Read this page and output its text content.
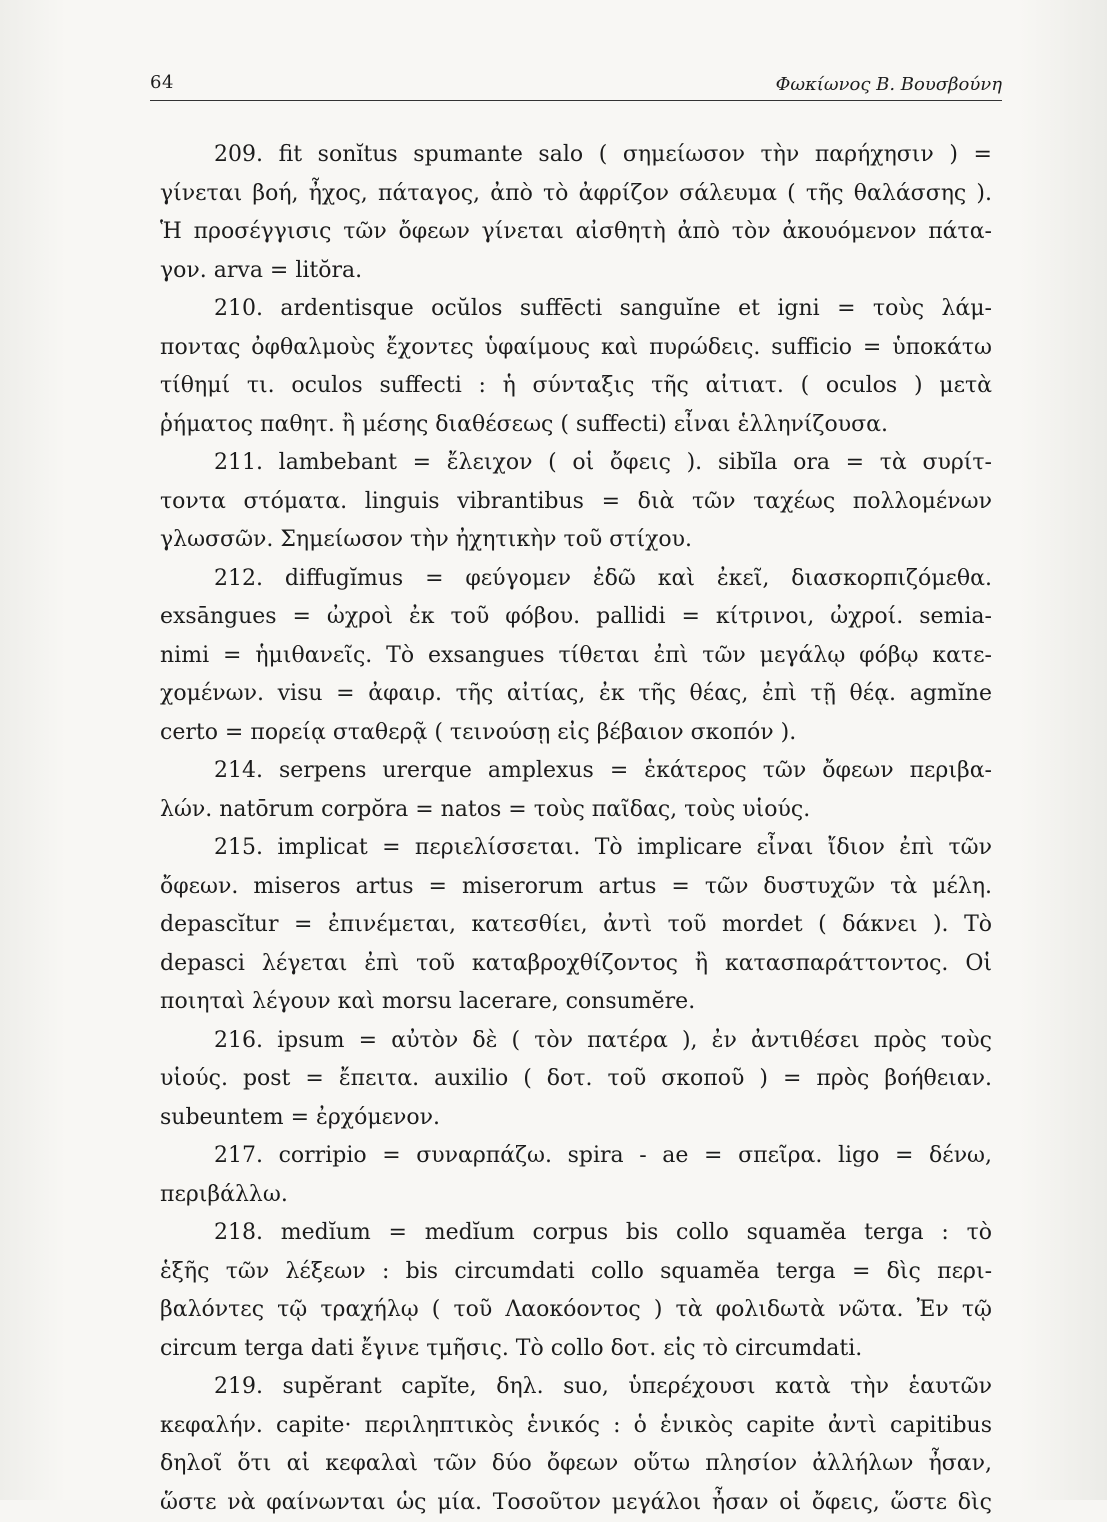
64	Φωκίωνος Β. Βουσβούνη
209. fit sonĭtus spumante salo ( σημείωσον τὴν παρήχησιν ) =
γίνεται βοή, ἦχος, πάταγος, ἀπὸ τὸ ἀφρίζον σάλευμα ( τῆς θαλάσσης ).
Ἡ προσέγγισις τῶν ὄφεων γίνεται αἰσθητὴ ἀπὸ τὸν ἀκουόμενον πάτα-
γον. arva = litŏra.
210. ardentisque ocŭlos suffēcti sanguĭne et igni = τοὺς λάμ-
ποντας ὀφθαλμοὺς ἔχοντες ὑφαίμους καὶ πυρώδεις. sufficio = ὑποκάτω
τίθημί τι. oculos suffecti : ἡ σύνταξις τῆς αἰτιατ. ( oculos ) μετὰ
ῥήματος παθητ. ἢ μέσης διαθέσεως ( suffecti) εἶναι ἑλληνίζουσα.
211. lambebant = ἔλειχον ( οἱ ὄφεις ). sibĭla ora = τὰ συρίτ-
τοντα στόματα. linguis vibrantibus = διὰ τῶν ταχέως πολλομένων
γλωσσῶν. Σημείωσον τὴν ἠχητικὴν τοῦ στίχου.
212. diffugĭmus = φεύγομεν ἐδῶ καὶ ἐκεῖ, διασκορπιζόμεθα.
exsāngues = ὠχροὶ ἐκ τοῦ φόβου. pallidi = κίτρινοι, ὠχροί. semia-
nimi = ἡμιθανεῖς. Τὸ exsangues τίθεται ἐπὶ τῶν μεγάλῳ φόβῳ κατε-
χομένων. visu = ἀφαιρ. τῆς αἰτίας, ἐκ τῆς θέας, ἐπὶ τῇ θέᾳ. agmĭne
certo = πορείᾳ σταθερᾷ ( τεινούσῃ εἰς βέβαιον σκοπόν ).
214. serpens urerque amplexus = ἑκάτερος τῶν ὄφεων περιβα-
λών. natōrum corpŏra = natos = τοὺς παῖδας, τοὺς υἱούς.
215. implicat = περιελίσσεται. Τὸ implicare εἶναι ἴδιον ἐπὶ τῶν
ὄφεων. miseros artus = miserorum artus = τῶν δυστυχῶν τὰ μέλη.
depascĭtur = ἐπινέμεται, κατεσθίει, ἀντὶ τοῦ mordet ( δάκνει ). Τὸ
depasci λέγεται ἐπὶ τοῦ καταβροχθίζοντος ἢ κατασπαράττοντος. Οἱ
ποιηταὶ λέγουν καὶ morsu lacerare, consumĕre.
216. ipsum = αὐτὸν δὲ ( τὸν πατέρα ), ἐν ἀντιθέσει πρὸς τοὺς
υἱούς. post = ἔπειτα. auxilio ( δοτ. τοῦ σκοποῦ ) = πρὸς βοήθειαν.
subeuntem = ἐρχόμενον.
217. corripio = συναρπάζω. spira - ae = σπεῖρα. ligo = δένω,
περιβάλλω.
218. medĭum = medĭum corpus bis collo squamĕa terga : τὸ
ἑξῆς τῶν λέξεων : bis circumdati collo squamĕa terga = δὶς περι-
βαλόντες τῷ τραχήλῳ ( τοῦ Λαοκόοντος ) τὰ φολιδωτὰ νῶτα. Ἐν τῷ
circum terga dati ἔγινε τμῆσις. Τὸ collo δοτ. εἰς τὸ circumdati.
219. supĕrant capĭte, δηλ. suo, ὑπερέχουσι κατὰ τὴν ἑαυτῶν
κεφαλήν. capite· περιληπτικὸς ἑνικός : ὁ ἑνικὸς capite ἀντὶ capitibus
δηλοῖ ὅτι αἱ κεφαλαὶ τῶν δύο ὄφεων οὕτω πλησίον ἀλλήλων ἦσαν,
ὥστε νὰ φαίνωνται ὡς μία. Τοσοῦτον μεγάλοι ἦσαν οἱ ὄφεις, ὥστε δὶς
